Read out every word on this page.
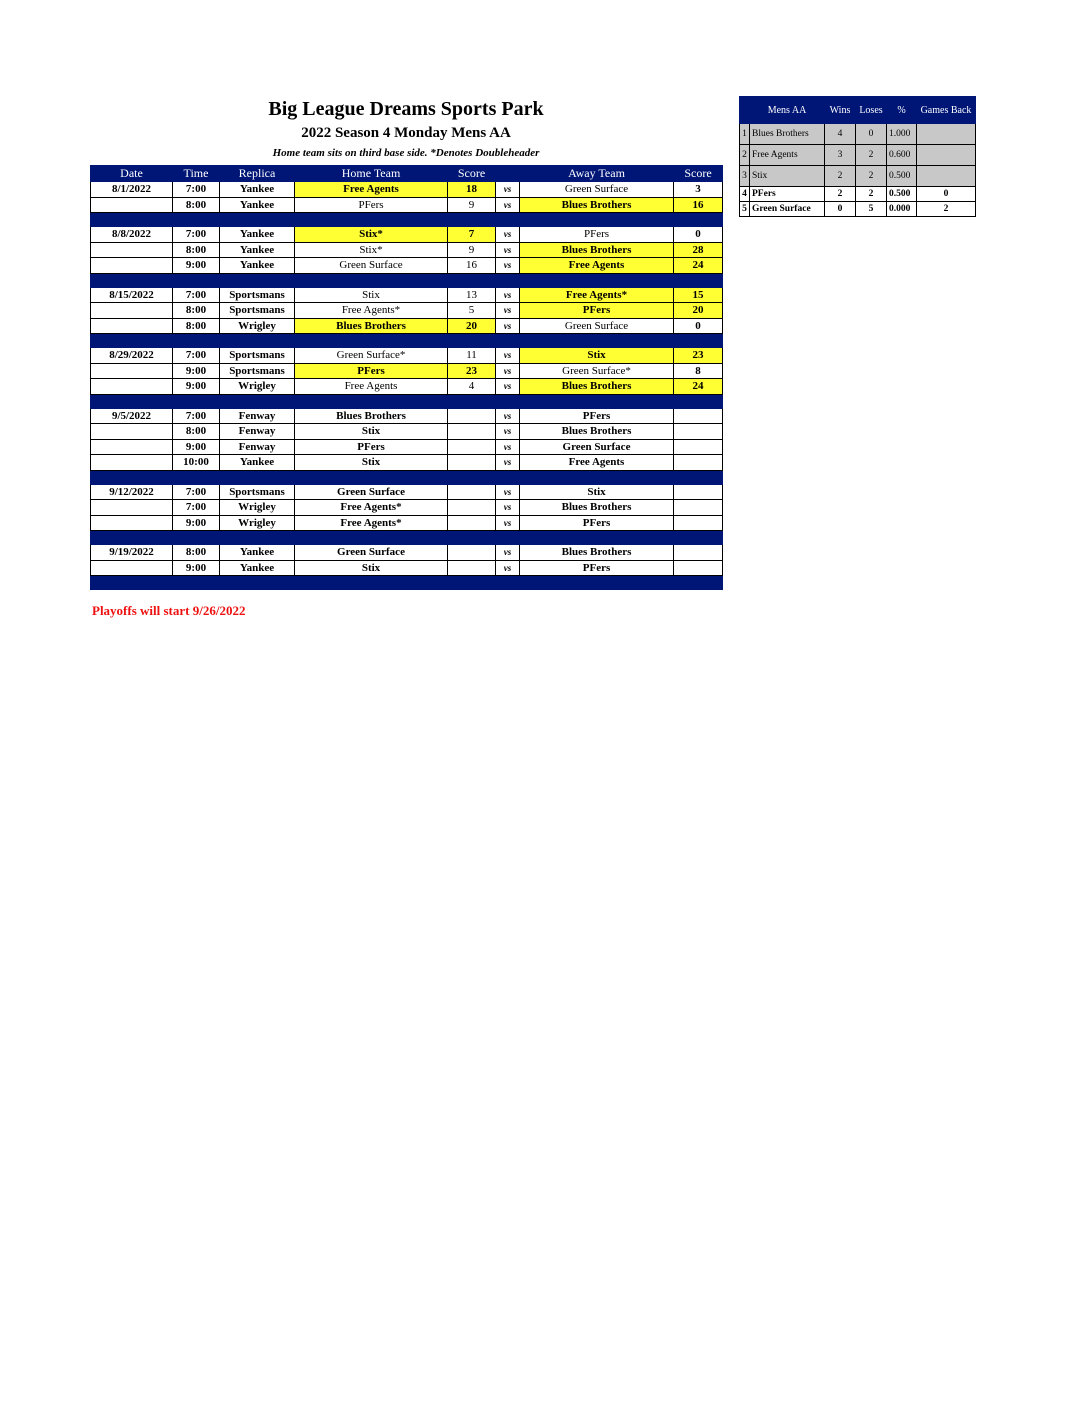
Big League Dreams Sports Park
2022 Season 4 Monday Mens AA
Home team sits on third base side. *Denotes Doubleheader
Date	Time	Replica	Home Team	Score		Away Team	Score
8/1/2022	7:00	Yankee	Free Agents	18	vs	Green Surface	3
	8:00	Yankee	PFers	9	vs	Blues Brothers	16

8/8/2022	7:00	Yankee	Stix*	7	vs	PFers	0
	8:00	Yankee	Stix*	9	vs	Blues Brothers	28
	9:00	Yankee	Green Surface	16	vs	Free Agents	24

8/15/2022	7:00	Sportsmans	Stix	13	vs	Free Agents*	15
	8:00	Sportsmans	Free Agents*	5	vs	PFers	20
	8:00	Wrigley	Blues Brothers	20	vs	Green Surface	0

8/29/2022	7:00	Sportsmans	Green Surface*	11	vs	Stix	23
	9:00	Sportsmans	PFers	23	vs	Green Surface*	8
	9:00	Wrigley	Free Agents	4	vs	Blues Brothers	24

9/5/2022	7:00	Fenway	Blues Brothers		vs	PFers	
	8:00	Fenway	Stix		vs	Blues Brothers	
	9:00	Fenway	PFers		vs	Green Surface	
	10:00	Yankee	Stix		vs	Free Agents	

9/12/2022	7:00	Sportsmans	Green Surface		vs	Stix	
	7:00	Wrigley	Free Agents*		vs	Blues Brothers	
	9:00	Wrigley	Free Agents*		vs	PFers	

9/19/2022	8:00	Yankee	Green Surface		vs	Blues Brothers	
	9:00	Yankee	Stix		vs	PFers	

Playoffs will start 9/26/2022
	Mens AA	Wins	Loses	%	Games Back
1	Blues Brothers	4	0	1.000	
2	Free Agents	3	2	0.600	
3	Stix	2	2	0.500	
4	PFers	2	2	0.500	0
5	Green Surface	0	5	0.000	2
